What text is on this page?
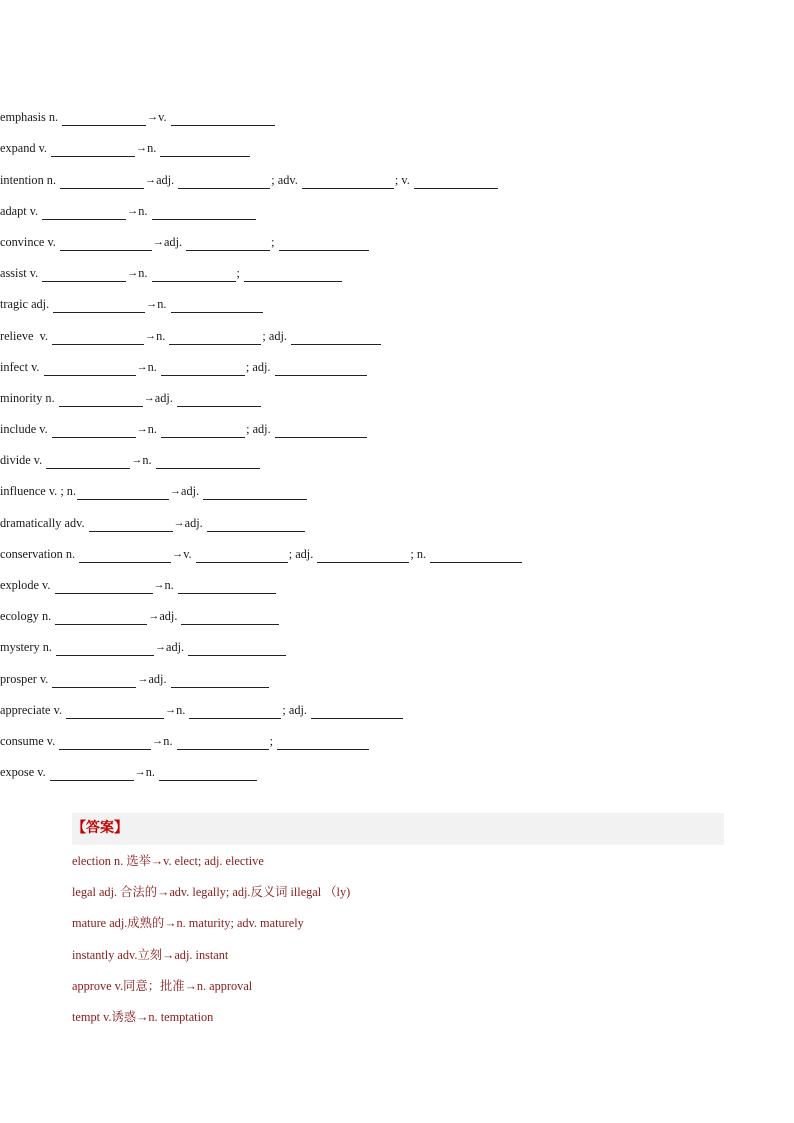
emphasis n.	→ v.
expand v.	→ n.
intention n.	→ adj.	; adv.	; v.
adapt v.	→ n.
convince v.	→ adj.	;
assist v.	→ n.	;
tragic adj.	→ n.
relieve  v.	→ n.	; adj.
infect v.	→ n.	; adj.
minority n.	→ adj.
include v.	→ n.	; adj.
divide v.	→ n.
influence v. ; n.	→ adj.
dramatically adv.	→ adj.
conservation n.	→ v.	; adj.	; n.
explode v.	→ n.
ecology n.	→ adj.
mystery n.	→ adj.
prosper v.	→ adj.
appreciate v.	→ n.	; adj.
consume v.	→ n.	;
expose v.	→ n.
【答案】
election n. 选举→v. elect; adj. elective
legal adj. 合法的→adv. legally; adj.反义词 illegal （ly)
mature adj.成熟的→n. maturity; adv. maturely
instantly adv.立刻→adj. instant
approve v.同意；批准→n. approval
tempt v.诱惑→n. temptation
